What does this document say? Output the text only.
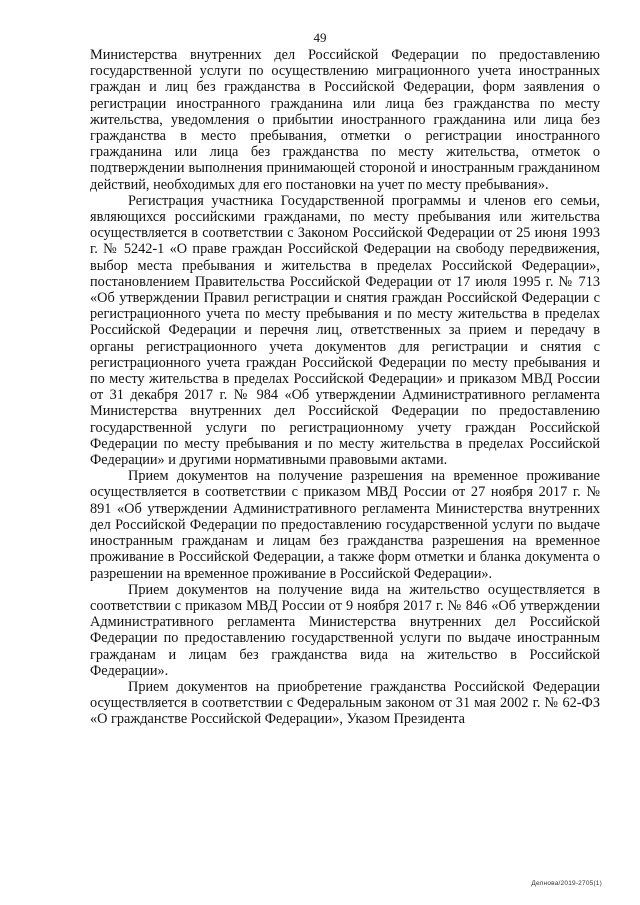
49

Министерства внутренних дел Российской Федерации по предоставлению государственной услуги по осуществлению миграционного учета иностранных граждан и лиц без гражданства в Российской Федерации, форм заявления о регистрации иностранного гражданина или лица без гражданства по месту жительства, уведомления о прибытии иностранного гражданина или лица без гражданства в место пребывания, отметки о регистрации иностранного гражданина или лица без гражданства по месту жительства, отметок о подтверждении выполнения принимающей стороной и иностранным гражданином действий, необходимых для его постановки на учет по месту пребывания».

Регистрация участника Государственной программы и членов его семьи, являющихся российскими гражданами, по месту пребывания или жительства осуществляется в соответствии с Законом Российской Федерации от 25 июня 1993 г. № 5242-1 «О праве граждан Российской Федерации на свободу передвижения, выбор места пребывания и жительства в пределах Российской Федерации», постановлением Правительства Российской Федерации от 17 июля 1995 г. № 713 «Об утверждении Правил регистрации и снятия граждан Российской Федерации с регистрационного учета по месту пребывания и по месту жительства в пределах Российской Федерации и перечня лиц, ответственных за прием и передачу в органы регистрационного учета документов для регистрации и снятия с регистрационного учета граждан Российской Федерации по месту пребывания и по месту жительства в пределах Российской Федерации» и приказом МВД России от 31 декабря 2017 г. № 984 «Об утверждении Административного регламента Министерства внутренних дел Российской Федерации по предоставлению государственной услуги по регистрационному учету граждан Российской Федерации по месту пребывания и по месту жительства в пределах Российской Федерации» и другими нормативными правовыми актами.

Прием документов на получение разрешения на временное проживание осуществляется в соответствии с приказом МВД России от 27 ноября 2017 г. № 891 «Об утверждении Административного регламента Министерства внутренних дел Российской Федерации по предоставлению государственной услуги по выдаче иностранным гражданам и лицам без гражданства разрешения на временное проживание в Российской Федерации, а также форм отметки и бланка документа о разрешении на временное проживание в Российской Федерации».

Прием документов на получение вида на жительство осуществляется в соответствии с приказом МВД России от 9 ноября 2017 г. № 846 «Об утверждении Административного регламента Министерства внутренних дел Российской Федерации по предоставлению государственной услуги по выдаче иностранным гражданам и лицам без гражданства вида на жительство в Российской Федерации».

Прием документов на приобретение гражданства Российской Федерации осуществляется в соответствии с Федеральным законом от 31 мая 2002 г. № 62-ФЗ «О гражданстве Российской Федерации», Указом Президента

Делнова/2019-2705(1)
